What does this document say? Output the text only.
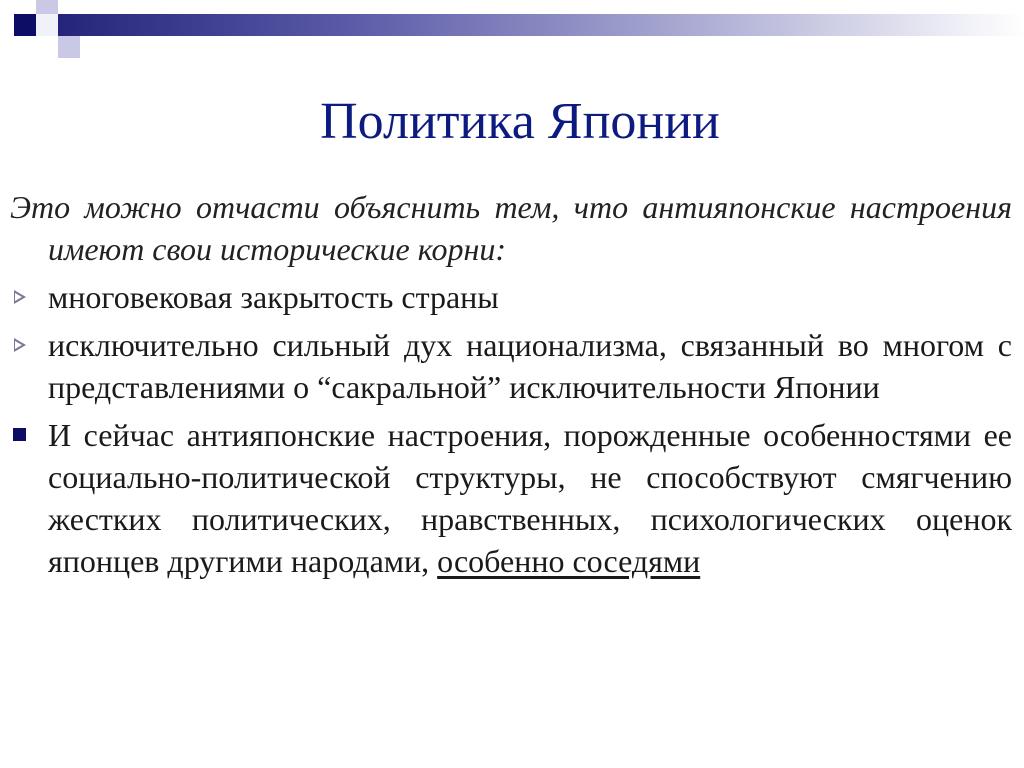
Политика Японии

Это можно отчасти объяснить тем, что антияпонские настроения имеют свои исторические корни:

многовековая закрытость страны
исключительно сильный дух национализма, связанный во многом с представлениями о “сакральной” исключительности Японии
И сейчас антияпонские настроения, порожденные особенностями ее социально-политической структуры, не способствуют смягчению жестких политических, нравственных, психологических оценок японцев другими народами, особенно соседями
